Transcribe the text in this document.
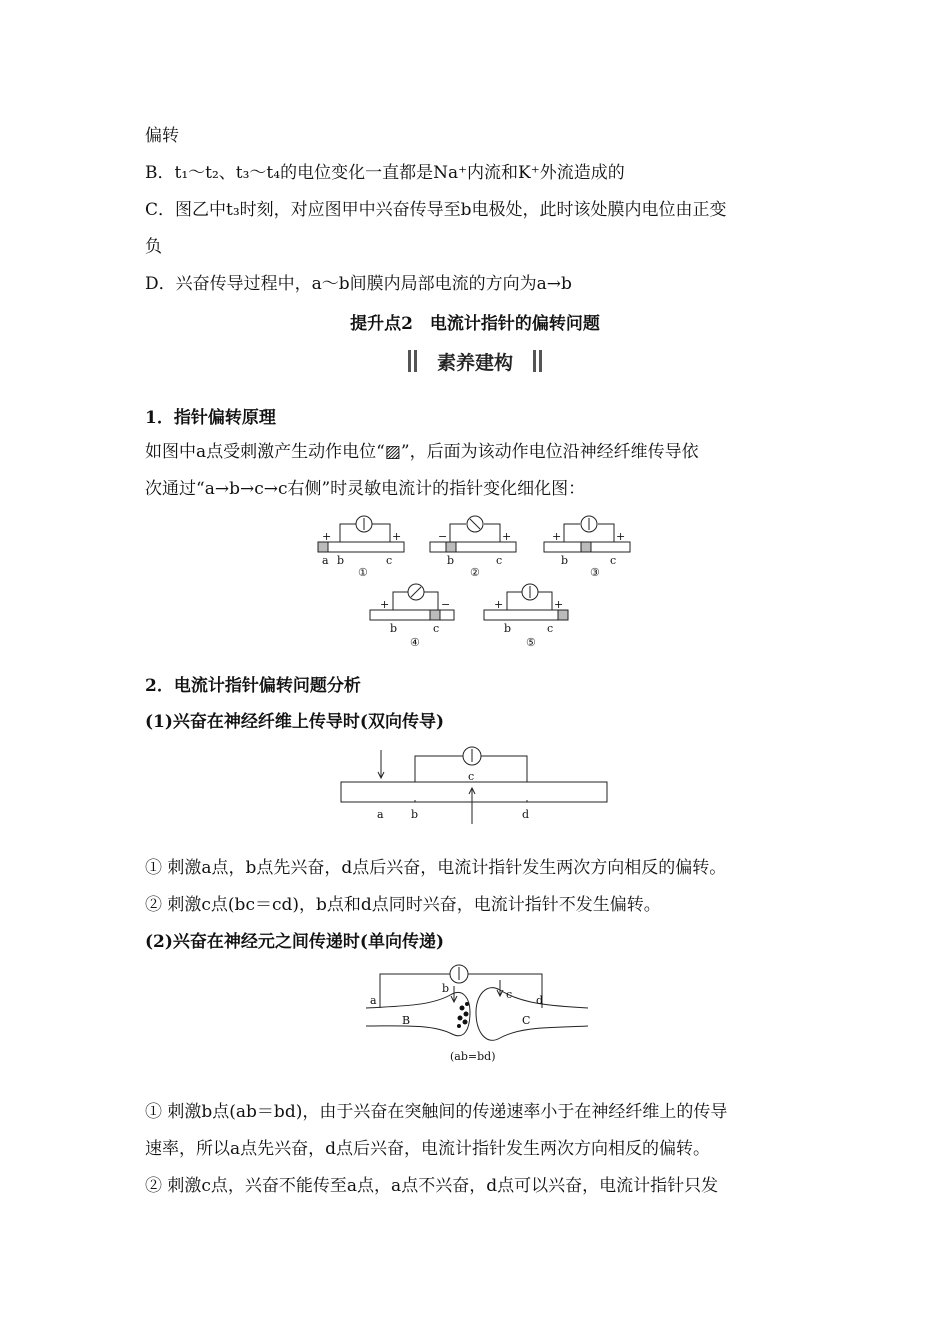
偏转
B．t₁～t₂、t₃～t₄的电位变化一直都是Na⁺内流和K⁺外流造成的
C．图乙中t₃时刻，对应图甲中兴奋传导至b电极处，此时该处膜内电位由正变
负
D．兴奋传导过程中，a～b间膜内局部电流的方向为a→b
提升点2　电流计指针的偏转问题
素养建构
1．指针偏转原理
如图中a点受刺激产生动作电位“▨”，后面为该动作电位沿神经纤维传导依
次通过“a→b→c→c右侧”时灵敏电流计的指针变化细化图：
+	+
a b	c
①
−	+
b	c
②
+	+
b	c
③
+	−
b	c
④
+	+
b	c
⑤
2．电流计指针偏转问题分析
(1)兴奋在神经纤维上传导时(双向传导)
a b
c
d
① 刺激a点，b点先兴奋，d点后兴奋，电流计指针发生两次方向相反的偏转。
② 刺激c点(bc＝cd)，b点和d点同时兴奋，电流计指针不发生偏转。
(2)兴奋在神经元之间传递时(单向传递)
a
b	c d
B	C
(ab=bd)
① 刺激b点(ab＝bd)，由于兴奋在突触间的传递速率小于在神经纤维上的传导
速率，所以a点先兴奋，d点后兴奋，电流计指针发生两次方向相反的偏转。
② 刺激c点，兴奋不能传至a点，a点不兴奋，d点可以兴奋，电流计指针只发
